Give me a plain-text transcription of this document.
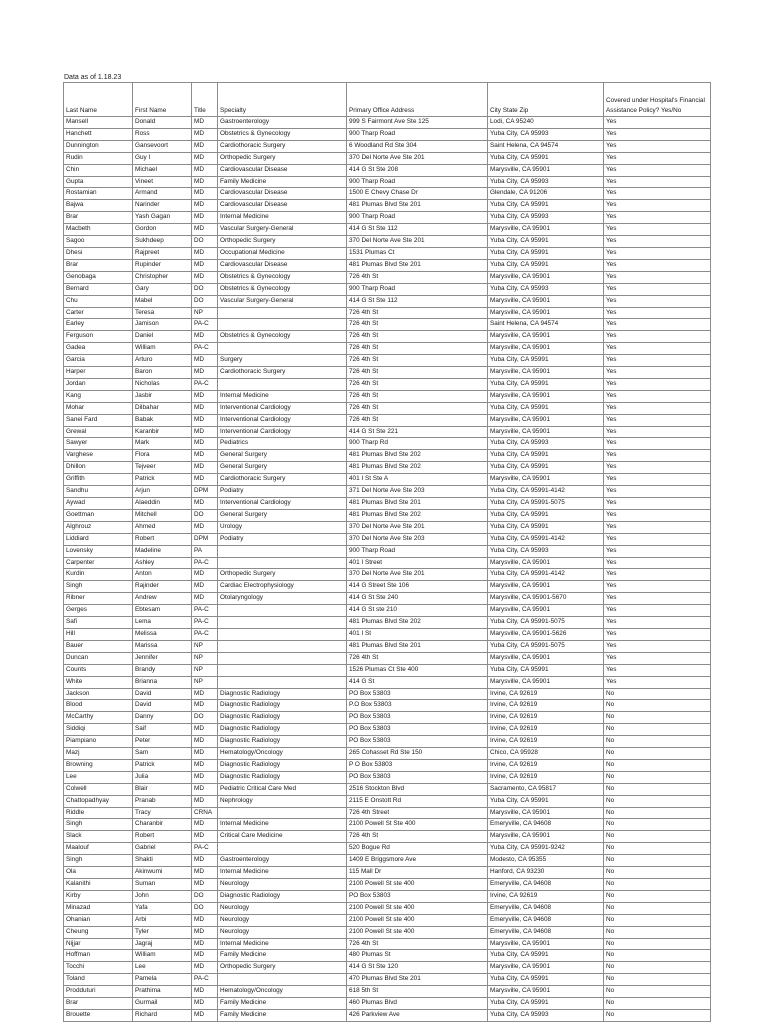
Data as of 1.18.23
Last Name	First Name	Title	Specialty	Primary Office Address	City State Zip	Covered under Hospital's Financial Assistance Policy? Yes/No
Mansell	Donald	MD	Gastroenterology	999 S Fairmont Ave Ste 125	Lodi, CA 95240	Yes
Hanchett	Ross	MD	Obstetrics & Gynecology	900 Tharp Road	Yuba City, CA 95993	Yes
Dunnington	Gansevoort	MD	Cardiothoracic Surgery	6 Woodland Rd Ste 304	Saint Helena, CA 94574	Yes
Rudin	Guy I	MD	Orthopedic Surgery	370 Del Norte Ave Ste 201	Yuba City, CA 95991	Yes
Chin	Michael	MD	Cardiovascular Disease	414 G St Ste 208	Marysville, CA 95901	Yes
Gupta	Vineet	MD	Family Medicine	900 Tharp Road	Yuba City, CA 95993	Yes
Rostamian	Armand	MD	Cardiovascular Disease	1500 E Chevy Chase Dr	Glendale, CA 91206	Yes
Bajwa	Narinder	MD	Cardiovascular Disease	481 Plumas Blvd Ste 201	Yuba City, CA 95991	Yes
Brar	Yash Gagan	MD	Internal Medicine	900 Tharp Road	Yuba City, CA 95993	Yes
Macbeth	Gordon	MD	Vascular Surgery-General	414 G St Ste 112	Marysville, CA 95901	Yes
Sagoo	Sukhdeep	DO	Orthopedic Surgery	370 Del Norte Ave Ste 201	Yuba City, CA 95991	Yes
Dhesi	Rajpreet	MD	Occupational Medicine	1531 Plumas Ct	Yuba City, CA 95991	Yes
Brar	Rupinder	MD	Cardiovascular Disease	481 Plumas Blvd Ste 201	Yuba City, CA 95991	Yes
Genobaga	Christopher	MD	Obstetrics & Gynecology	726 4th St	Marysville, CA 95901	Yes
Bernard	Gary	DO	Obstetrics & Gynecology	900 Tharp Road	Yuba City, CA 95993	Yes
Chu	Mabel	DO	Vascular Surgery-General	414 G St Ste 112	Marysville, CA 95901	Yes
Carter	Teresa	NP		726 4th St	Marysville, CA 95901	Yes
Earley	Jamison	PA-C		726 4th St	Saint Helena, CA 94574	Yes
Ferguson	Daniel	MD	Obstetrics & Gynecology	726 4th St	Marysville, CA 95901	Yes
Gadea	William	PA-C		726 4th St	Marysville, CA 95901	Yes
Garcia	Arturo	MD	Surgery	726 4th St	Yuba City, CA 95991	Yes
Harper	Baron	MD	Cardiothoracic Surgery	726 4th St	Marysville, CA 95901	Yes
Jordan	Nicholas	PA-C		726 4th St	Yuba City, CA 95991	Yes
Kang	Jasbir	MD	Internal Medicine	726 4th St	Marysville, CA 95901	Yes
Mohar	Dilbahar	MD	Interventional Cardiology	726 4th St	Yuba City, CA 95991	Yes
Sanei Fard	Babak	MD	Interventional Cardiology	726 4th St	Marysville, CA 95901	Yes
Grewal	Karanbir	MD	Interventional Cardiology	414 G St Ste 221	Marysville, CA 95901	Yes
Sawyer	Mark	MD	Pediatrics	900 Tharp Rd	Yuba City, CA 95993	Yes
Varghese	Flora	MD	General Surgery	481 Plumas Blvd Ste 202	Yuba City, CA 95991	Yes
Dhillon	Tejveer	MD	General Surgery	481 Plumas Blvd Ste 202	Yuba City, CA 95991	Yes
Griffith	Patrick	MD	Cardiothoracic Surgery	401 I St Ste A	Marysville, CA 95901	Yes
Sandhu	Arjun	DPM	Podiatry	371 Del Norte Ave Ste 203	Yuba City, CA 95991-4142	Yes
Aywad	Alaeddin	MD	Interventional Cardiology	481 Plumas Blvd Ste 201	Yuba City, CA 95991-5075	Yes
Goettman	Mitchell	DO	General Surgery	481 Plumas Blvd Ste 202	Yuba City, CA 95991	Yes
Alghrouz	Ahmed	MD	Urology	370 Del Norte Ave Ste 201	Yuba City, CA 95991	Yes
Liddiard	Robert	DPM	Podiatry	370 Del Norte Ave Ste 203	Yuba City, CA 95991-4142	Yes
Lovensky	Madeline	PA		900 Tharp Road	Yuba City, CA 95993	Yes
Carpenter	Ashley	PA-C		401 I Street	Marysville, CA 95901	Yes
Kurdin	Anton	MD	Orthopedic Surgery	370 Del Norte Ave Ste 201	Yuba City, CA 95991-4142	Yes
Singh	Rajinder	MD	Cardiac Electrophysiology	414 G Street Ste 106	Marysville, CA 95901	Yes
Ribner	Andrew	MD	Otolaryngology	414 G St Ste 240	Marysville, CA 95901-5670	Yes
Gerges	Ebtesam	PA-C		414 G St ste 210	Marysville, CA 95901	Yes
Safi	Lema	PA-C		481 Plumas Blvd Ste 202	Yuba City, CA 95991-5075	Yes
Hill	Melissa	PA-C		401 I St	Marysville, CA 95901-5626	Yes
Bauer	Marissa	NP		481 Plumas Blvd Ste 201	Yuba City, CA 95991-5075	Yes
Duncan	Jennifer	NP		726 4th St	Marysville, CA 95901	Yes
Counts	Brandy	NP		1526 Plumas Ct Ste 400	Yuba City, CA 95991	Yes
White	Brianna	NP		414 G St	Marysville, CA 95901	Yes
Jackson	David	MD	Diagnostic Radiology	PO Box 53803	Irvine, CA 92619	No
Blood	David	MD	Diagnostic Radiology	P.O Box 53803	Irvine, CA 92619	No
McCarthy	Danny	DO	Diagnostic Radiology	PO Box 53803	Irvine, CA 92619	No
Siddiqi	Saif	MD	Diagnostic Radiology	PO Box 53803	Irvine, CA 92619	No
Piampiano	Peter	MD	Diagnostic Radiology	PO Box 53803	Irvine, CA 92619	No
Mazj	Sam	MD	Hematology/Oncology	265 Cohasset Rd Ste 150	Chico, CA 95928	No
Browning	Patrick	MD	Diagnostic Radiology	P O Box 53803	Irvine, CA 92619	No
Lee	Julia	MD	Diagnostic Radiology	PO Box 53803	Irvine, CA 92619	No
Colwell	Blair	MD	Pediatric Critical Care Med	2516 Stockton Blvd	Sacramento, CA 95817	No
Chattopadhyay	Pranab	MD	Nephrology	2115 E Onstott Rd	Yuba City, CA 95991	No
Riddle	Tracy	CRNA		726 4th Street	Marysville, CA 95901	No
Singh	Charanbir	MD	Internal Medicine	2100 Powell St Ste 400	Emeryville, CA 94608	No
Slack	Robert	MD	Critical Care Medicine	726 4th St	Marysville, CA 95901	No
Maalouf	Gabriel	PA-C		520 Bogue Rd	Yuba City, CA 95991-9242	No
Singh	Shakti	MD	Gastroenterology	1409 E Briggsmore Ave	Modesto, CA 95355	No
Ola	Akinwumi	MD	Internal Medicine	115 Mall Dr	Hanford, CA 93230	No
Kalanithi	Suman	MD	Neurology	2100 Powell St ste 400	Emeryville, CA 94608	No
Kirby	John	DO	Diagnostic Radiology	PO Box 53803	Irvine, CA 92619	No
Minazad	Yafa	DO	Neurology	2100 Powell St ste 400	Emeryville, CA 94608	No
Ohanian	Arbi	MD	Neurology	2100 Powell St ste 400	Emeryville, CA 94608	No
Cheung	Tyler	MD	Neurology	2100 Powell St ste 400	Emeryville, CA 94608	No
Nijjar	Jagraj	MD	Internal Medicine	726 4th St	Marysville, CA 95901	No
Hoffman	William	MD	Family Medicine	480 Plumas St	Yuba City, CA 95991	No
Tocchi	Lee	MD	Orthopedic Surgery	414 G St Ste 120	Marysville, CA 95901	No
Toland	Pamela	PA-C		470 Plumas Blvd Ste 201	Yuba City, CA 95991	No
Prodduturi	Prathima	MD	Hematology/Oncology	618 5th St	Marysville, CA 95901	No
Brar	Gurmail	MD	Family Medicine	460 Plumas Blvd	Yuba City, CA 95991	No
Brouette	Richard	MD	Family Medicine	426 Parkview Ave	Yuba City, CA 95993	No
